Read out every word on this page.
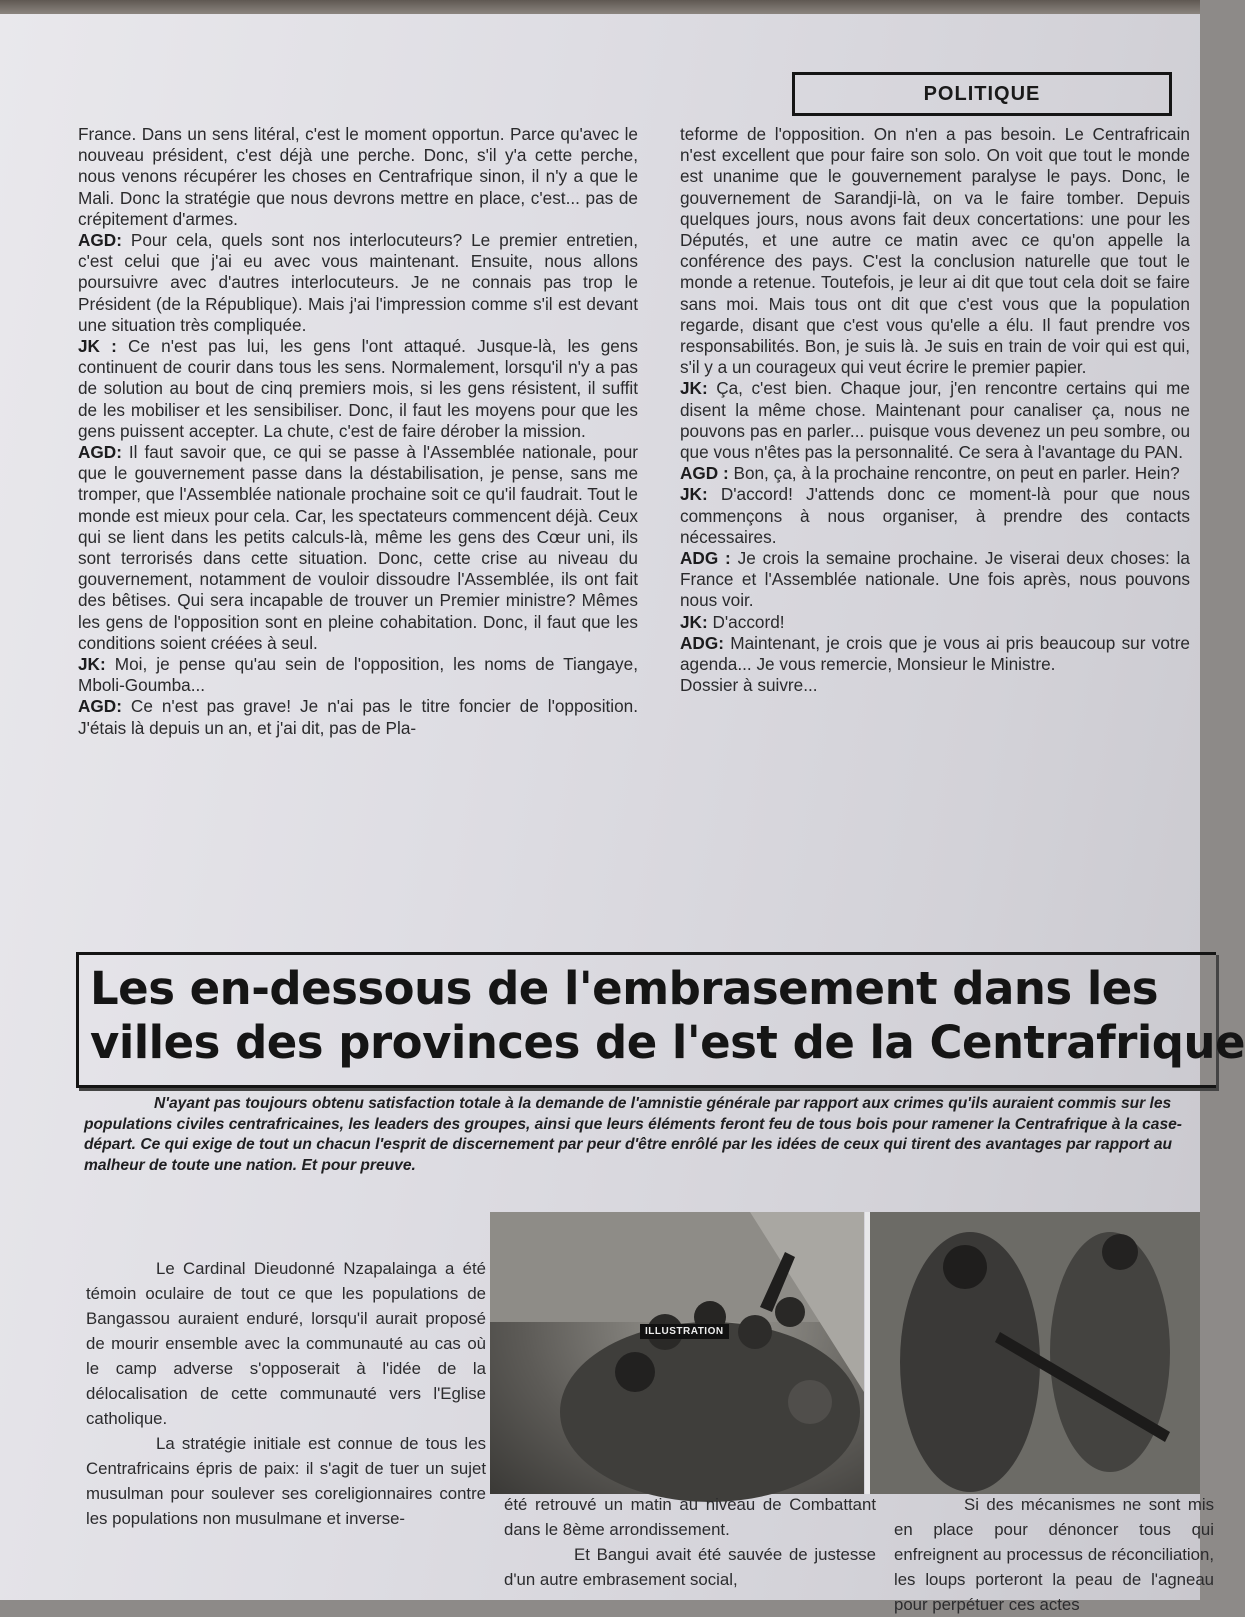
POLITIQUE

France. Dans un sens litéral, c'est le moment opportun. Parce qu'avec le nouveau président, c'est déjà une perche. Donc, s'il y'a cette perche, nous venons récupérer les choses en Centrafrique sinon, il n'y a que le Mali. Donc la stratégie que nous devrons mettre en place, c'est... pas de crépitement d'armes.

AGD: Pour cela, quels sont nos interlocuteurs? Le premier entretien, c'est celui que j'ai eu avec vous maintenant. Ensuite, nous allons poursuivre avec d'autres interlocuteurs. Je ne connais pas trop le Président (de la République). Mais j'ai l'impression comme s'il est devant une situation très compliquée.

JK : Ce n'est pas lui, les gens l'ont attaqué. Jusque-là, les gens continuent de courir dans tous les sens. Normalement, lorsqu'il n'y a pas de solution au bout de cinq premiers mois, si les gens résistent, il suffit de les mobiliser et les sensibiliser. Donc, il faut les moyens pour que les gens puissent accepter. La chute, c'est de faire dérober la mission.

AGD: Il faut savoir que, ce qui se passe à l'Assemblée nationale, pour que le gouvernement passe dans la déstabilisation, je pense, sans me tromper, que l'Assemblée nationale prochaine soit ce qu'il faudrait. Tout le monde est mieux pour cela. Car, les spectateurs commencent déjà. Ceux qui se lient dans les petits calculs-là, même les gens des Cœur uni, ils sont terrorisés dans cette situation. Donc, cette crise au niveau du gouvernement, notamment de vouloir dissoudre l'Assemblée, ils ont fait des bêtises. Qui sera incapable de trouver un Premier ministre? Mêmes les gens de l'opposition sont en pleine cohabitation. Donc, il faut que les conditions soient créées à seul.

JK: Moi, je pense qu'au sein de l'opposition, les noms de Tiangaye, Mboli-Goumba...

AGD: Ce n'est pas grave! Je n'ai pas le titre foncier de l'opposition. J'étais là depuis un an, et j'ai dit, pas de Pla-

teforme de l'opposition. On n'en a pas besoin. Le Centrafricain n'est excellent que pour faire son solo. On voit que tout le monde est unanime que le gouvernement paralyse le pays. Donc, le gouvernement de Sarandji-là, on va le faire tomber. Depuis quelques jours, nous avons fait deux concertations: une pour les Députés, et une autre ce matin avec ce qu'on appelle la conférence des pays. C'est la conclusion naturelle que tout le monde a retenue. Toutefois, je leur ai dit que tout cela doit se faire sans moi. Mais tous ont dit que c'est vous que la population regarde, disant que c'est vous qu'elle a élu. Il faut prendre vos responsabilités. Bon, je suis là. Je suis en train de voir qui est qui, s'il y a un courageux qui veut écrire le premier papier.

JK: Ça, c'est bien. Chaque jour, j'en rencontre certains qui me disent la même chose. Maintenant pour canaliser ça, nous ne pouvons pas en parler... puisque vous devenez un peu sombre, ou que vous n'êtes pas la personnalité. Ce sera à l'avantage du PAN.

AGD : Bon, ça, à la prochaine rencontre, on peut en parler. Hein?

JK: D'accord! J'attends donc ce moment-là pour que nous commençons à nous organiser, à prendre des contacts nécessaires.

ADG : Je crois la semaine prochaine. Je viserai deux choses: la France et l'Assemblée nationale. Une fois après, nous pouvons nous voir.

JK: D'accord!

ADG: Maintenant, je crois que je vous ai pris beaucoup sur votre agenda... Je vous remercie, Monsieur le Ministre.

Dossier à suivre...

Les en-dessous de l'embrasement dans les
villes des provinces de l'est de la Centrafrique
N'ayant pas toujours obtenu satisfaction totale à la demande de l'amnistie générale par rapport aux crimes qu'ils auraient commis sur les populations civiles centrafricaines, les leaders des groupes, ainsi que leurs éléments feront feu de tous bois pour ramener la Centrafrique à la case-départ. Ce qui exige de tout un chacun l'esprit de discernement par peur d'être enrôlé par les idées de ceux qui tirent des avantages par rapport au malheur de toute une nation. Et pour preuve.
ILLUSTRATION

Le Cardinal Dieudonné Nzapalainga a été témoin oculaire de tout ce que les populations de Bangassou auraient enduré, lorsqu'il aurait proposé de mourir ensemble avec la communauté au cas où le camp adverse s'opposerait à l'idée de la délocalisation de cette communauté vers l'Eglise catholique.

La stratégie initiale est connue de tous les Centrafricains épris de paix: il s'agit de tuer un sujet musulman pour soulever ses coreligionnaires contre les populations non musulmane et inverse-

été retrouvé un matin au niveau de Combattant dans le 8ème arrondissement.

Et Bangui avait été sauvée de justesse d'un autre embrasement social,

Si des mécanismes ne sont mis en place pour dénoncer tous qui enfreignent au processus de réconciliation, les loups porteront la peau de l'agneau pour perpétuer ces actes
